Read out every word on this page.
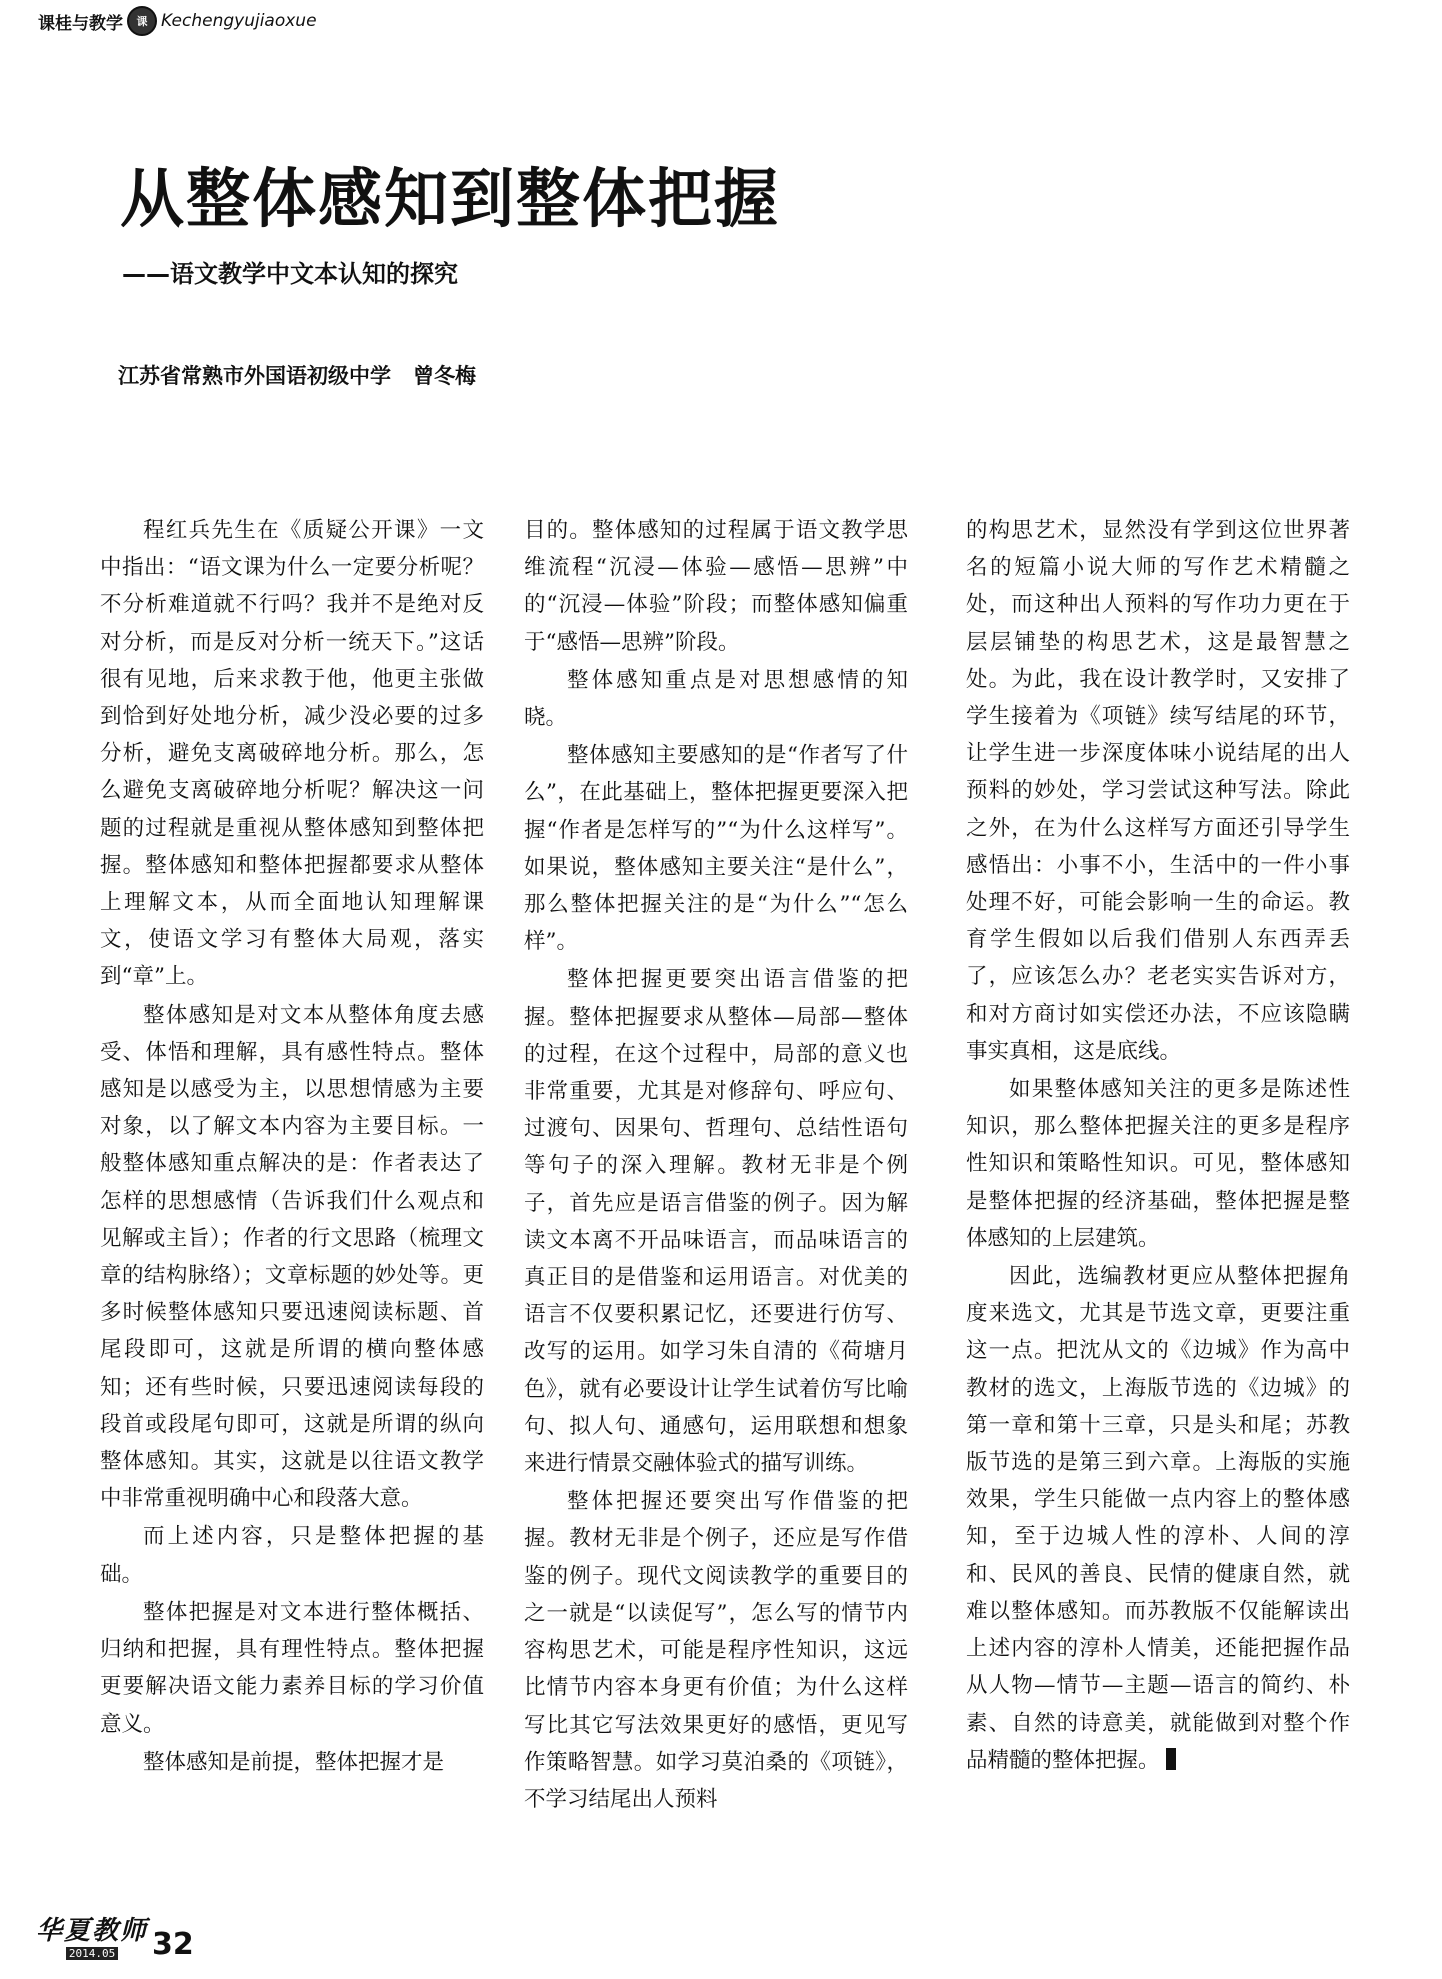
课桂与教学 课 Kechengyujiaoxue
从整体感知到整体把握
——语文教学中文本认知的探究
江苏省常熟市外国语初级中学 曾冬梅

程红兵先生在《质疑公开课》一文中指出：“语文课为什么一定要分析呢？不分析难道就不行吗？我并不是绝对反对分析，而是反对分析一统天下。”这话很有见地，后来求教于他，他更主张做到恰到好处地分析，减少没必要的过多分析，避免支离破碎地分析。那么，怎么避免支离破碎地分析呢？解决这一问题的过程就是重视从整体感知到整体把握。整体感知和整体把握都要求从整体上理解文本，从而全面地认知理解课文，使语文学习有整体大局观，落实到“章”上。

整体感知是对文本从整体角度去感受、体悟和理解，具有感性特点。整体感知是以感受为主，以思想情感为主要对象，以了解文本内容为主要目标。一般整体感知重点解决的是：作者表达了怎样的思想感情（告诉我们什么观点和见解或主旨）；作者的行文思路（梳理文章的结构脉络）；文章标题的妙处等。更多时候整体感知只要迅速阅读标题、首尾段即可，这就是所谓的横向整体感知；还有些时候，只要迅速阅读每段的段首或段尾句即可，这就是所谓的纵向整体感知。其实，这就是以往语文教学中非常重视明确中心和段落大意。

而上述内容，只是整体把握的基础。

整体把握是对文本进行整体概括、归纳和把握，具有理性特点。整体把握更要解决语文能力素养目标的学习价值意义。

整体感知是前提，整体把握才是

目的。整体感知的过程属于语文教学思维流程“沉浸—体验—感悟—思辨”中的“沉浸—体验”阶段；而整体感知偏重于“感悟—思辨”阶段。

整体感知重点是对思想感情的知晓。

整体感知主要感知的是“作者写了什么”，在此基础上，整体把握更要深入把握“作者是怎样写的”“为什么这样写”。如果说，整体感知主要关注“是什么”，那么整体把握关注的是“为什么”“怎么样”。

整体把握更要突出语言借鉴的把握。整体把握要求从整体—局部—整体的过程，在这个过程中，局部的意义也非常重要，尤其是对修辞句、呼应句、过渡句、因果句、哲理句、总结性语句等句子的深入理解。教材无非是个例子，首先应是语言借鉴的例子。因为解读文本离不开品味语言，而品味语言的真正目的是借鉴和运用语言。对优美的语言不仅要积累记忆，还要进行仿写、改写的运用。如学习朱自清的《荷塘月色》，就有必要设计让学生试着仿写比喻句、拟人句、通感句，运用联想和想象来进行情景交融体验式的描写训练。

整体把握还要突出写作借鉴的把握。教材无非是个例子，还应是写作借鉴的例子。现代文阅读教学的重要目的之一就是“以读促写”，怎么写的情节内容构思艺术，可能是程序性知识，这远比情节内容本身更有价值；为什么这样写比其它写法效果更好的感悟，更见写作策略智慧。如学习莫泊桑的《项链》，不学习结尾出人预料

的构思艺术，显然没有学到这位世界著名的短篇小说大师的写作艺术精髓之处，而这种出人预料的写作功力更在于层层铺垫的构思艺术，这是最智慧之处。为此，我在设计教学时，又安排了学生接着为《项链》续写结尾的环节，让学生进一步深度体味小说结尾的出人预料的妙处，学习尝试这种写法。除此之外，在为什么这样写方面还引导学生感悟出：小事不小，生活中的一件小事处理不好，可能会影响一生的命运。教育学生假如以后我们借别人东西弄丢了，应该怎么办？老老实实告诉对方，和对方商讨如实偿还办法，不应该隐瞒事实真相，这是底线。

如果整体感知关注的更多是陈述性知识，那么整体把握关注的更多是程序性知识和策略性知识。可见，整体感知是整体把握的经济基础，整体把握是整体感知的上层建筑。

因此，选编教材更应从整体把握角度来选文，尤其是节选文章，更要注重这一点。把沈从文的《边城》作为高中教材的选文，上海版节选的《边城》的第一章和第十三章，只是头和尾；苏教版节选的是第三到六章。上海版的实施效果，学生只能做一点内容上的整体感知，至于边城人性的淳朴、人间的淳和、民风的善良、民情的健康自然，就难以整体感知。而苏教版不仅能解读出上述内容的淳朴人情美，还能把握作品从人物—情节—主题—语言的简约、朴素、自然的诗意美，就能做到对整个作品精髓的整体把握。

华夏教师
2014.05 32
